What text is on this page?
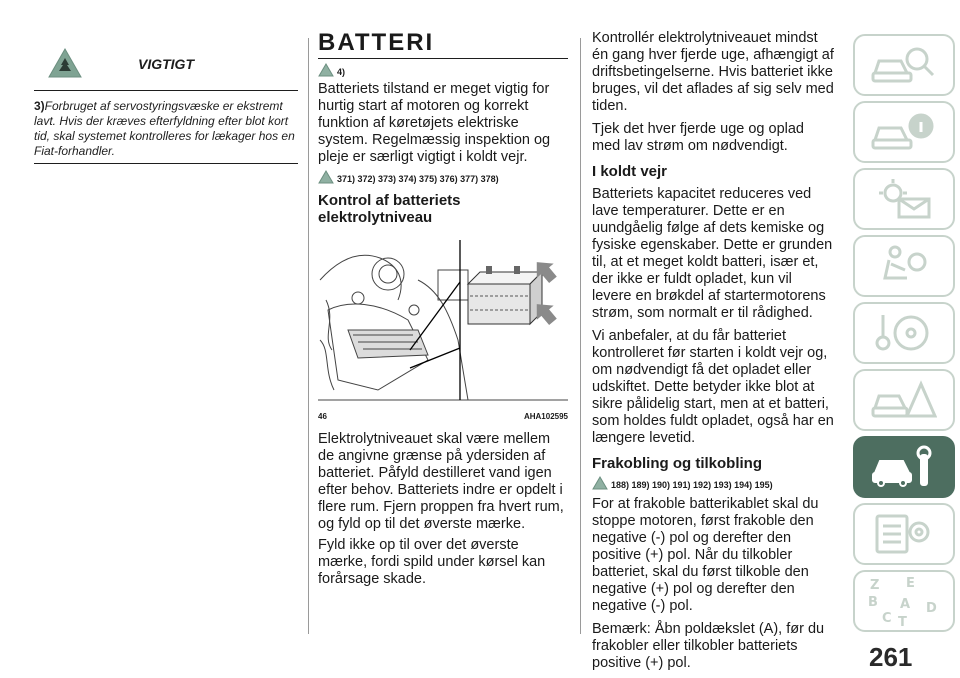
VIGTIGT

3)Forbruget af servostyringsvæske er ekstremt lavt. Hvis der kræves efterfyldning efter blot kort tid, skal systemet kontrolleres for lækager hos en Fiat-forhandler.

BATTERI
4)

Batteriets tilstand er meget vigtig for hurtig start af motoren og korrekt funktion af køretøjets elektriske system. Regelmæssig inspektion og pleje er særligt vigtigt i koldt vejr.

371) 372) 373) 374) 375) 376) 377) 378)
Kontrol af batteriets elektrolytniveau
46	AHA102595

Elektrolytniveauet skal være mellem de angivne grænse på ydersiden af batteriet. Påfyld destilleret vand igen efter behov. Batteriets indre er opdelt i flere rum. Fjern proppen fra hvert rum, og fyld op til det øverste mærke.

Fyld ikke op til over det øverste mærke, fordi spild under kørsel kan forårsage skade.

Kontrollér elektrolytniveauet mindst én gang hver fjerde uge, afhængigt af driftsbetingelserne. Hvis batteriet ikke bruges, vil det aflades af sig selv med tiden.

Tjek det hver fjerde uge og oplad med lav strøm om nødvendigt.

I koldt vejr

Batteriets kapacitet reduceres ved lave temperaturer. Dette er en uundgåelig følge af dets kemiske og fysiske egenskaber. Dette er grunden til, at et meget koldt batteri, især et, der ikke er fuldt opladet, kun vil levere en brøkdel af startermotorens strøm, som normalt er til rådighed.

Vi anbefaler, at du får batteriet kontrolleret før starten i koldt vejr og, om nødvendigt få det opladet eller udskiftet. Dette betyder ikke blot at sikre pålidelig start, men at et batteri, som holdes fuldt opladet, også har en længere levetid.

Frakobling og tilkobling
188) 189) 190) 191) 192) 193) 194) 195)

For at frakoble batterikablet skal du stoppe motoren, først frakoble den negative (-) pol og derefter den positive (+) pol. Når du tilkobler batteriet, skal du først tilkoble den negative (+) pol og derefter den negative (-) pol.

Bemærk: Åbn poldækslet (A), før du frakobler eller tilkobler batteriets positive (+) pol.

Z E
A
B	D
C T
261
